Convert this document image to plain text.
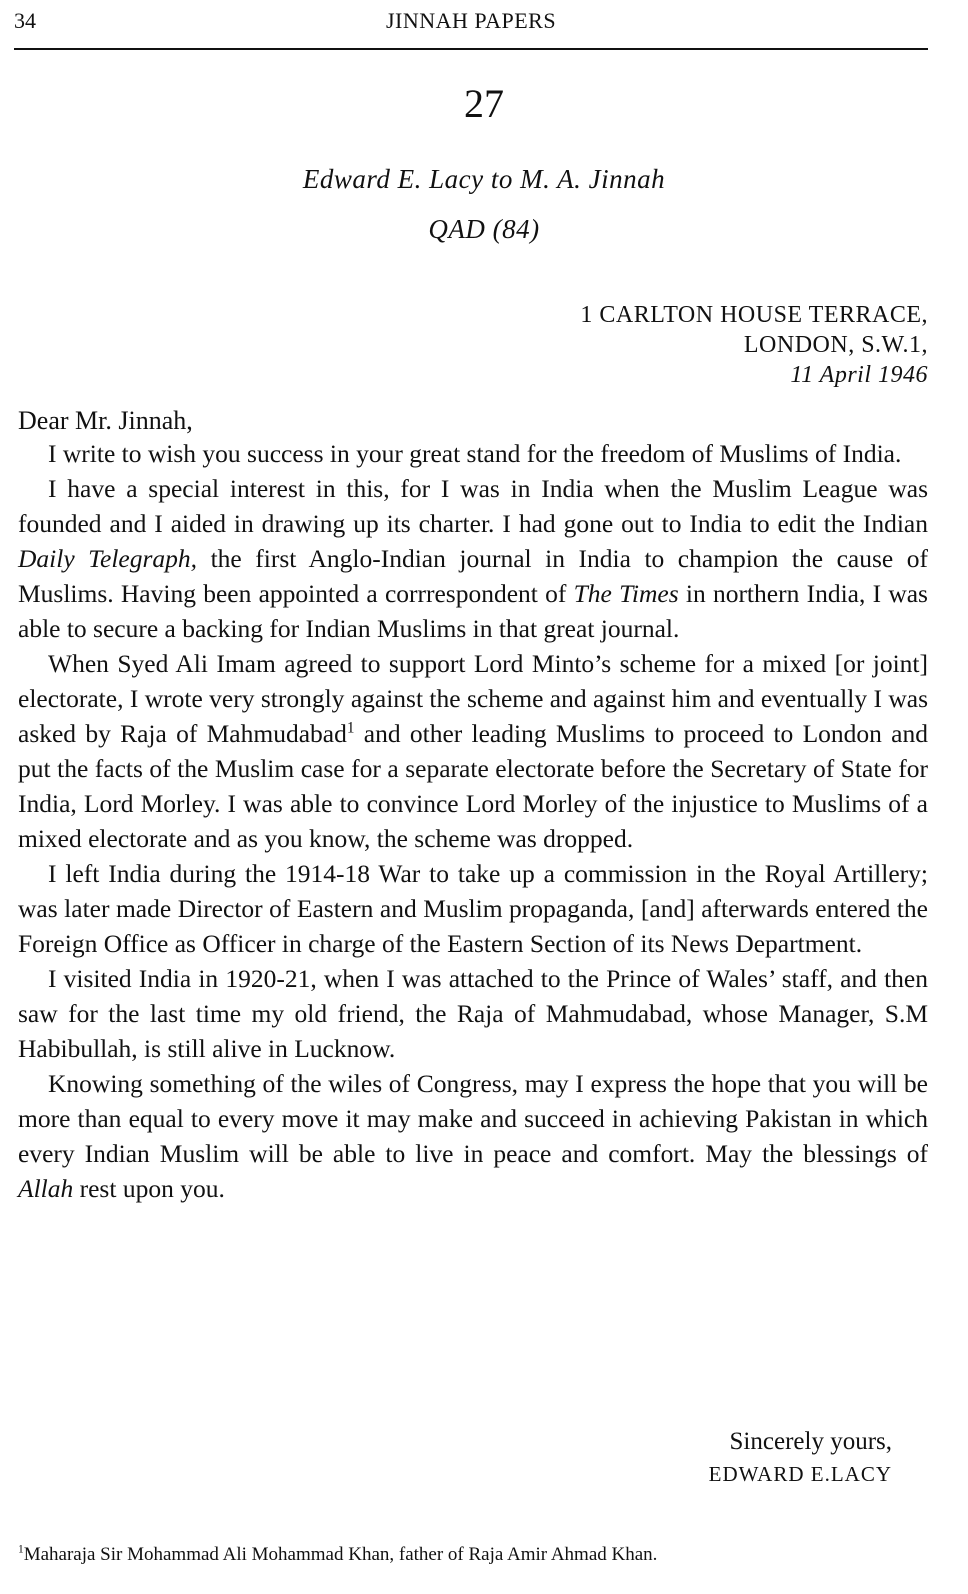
34	JINNAH PAPERS
27
Edward E. Lacy to M. A. Jinnah
QAD (84)
1 CARLTON HOUSE TERRACE,
LONDON, S.W.1,
11 April 1946
Dear Mr. Jinnah,

I write to wish you success in your great stand for the freedom of Muslims of India.

I have a special interest in this, for I was in India when the Muslim League was founded and I aided in drawing up its charter. I had gone out to India to edit the Indian Daily Telegraph, the first Anglo-Indian journal in India to champion the cause of Muslims. Having been appointed a corrrespondent of The Times in northern India, I was able to secure a backing for Indian Muslims in that great journal.

When Syed Ali Imam agreed to support Lord Minto’s scheme for a mixed [or joint] electorate, I wrote very strongly against the scheme and against him and eventually I was asked by Raja of Mahmudabad$^1$ and other leading Muslims to proceed to London and put the facts of the Muslim case for a separate electorate before the Secretary of State for India, Lord Morley. I was able to convince Lord Morley of the injustice to Muslims of a mixed electorate and as you know, the scheme was dropped.

I left India during the 1914-18 War to take up a commission in the Royal Artillery; was later made Director of Eastern and Muslim propaganda, [and] afterwards entered the Foreign Office as Officer in charge of the Eastern Section of its News Department.

I visited India in 1920-21, when I was attached to the Prince of Wales’ staff, and then saw for the last time my old friend, the Raja of Mahmudabad, whose Manager, S.M Habibullah, is still alive in Lucknow.

Knowing something of the wiles of Congress, may I express the hope that you will be more than equal to every move it may make and succeed in achieving Pakistan in which every Indian Muslim will be able to live in peace and comfort. May the blessings of Allah rest upon you.

Sincerely yours,
EDWARD E.LACY
$^1$Maharaja Sir Mohammad Ali Mohammad Khan, father of Raja Amir Ahmad Khan.
